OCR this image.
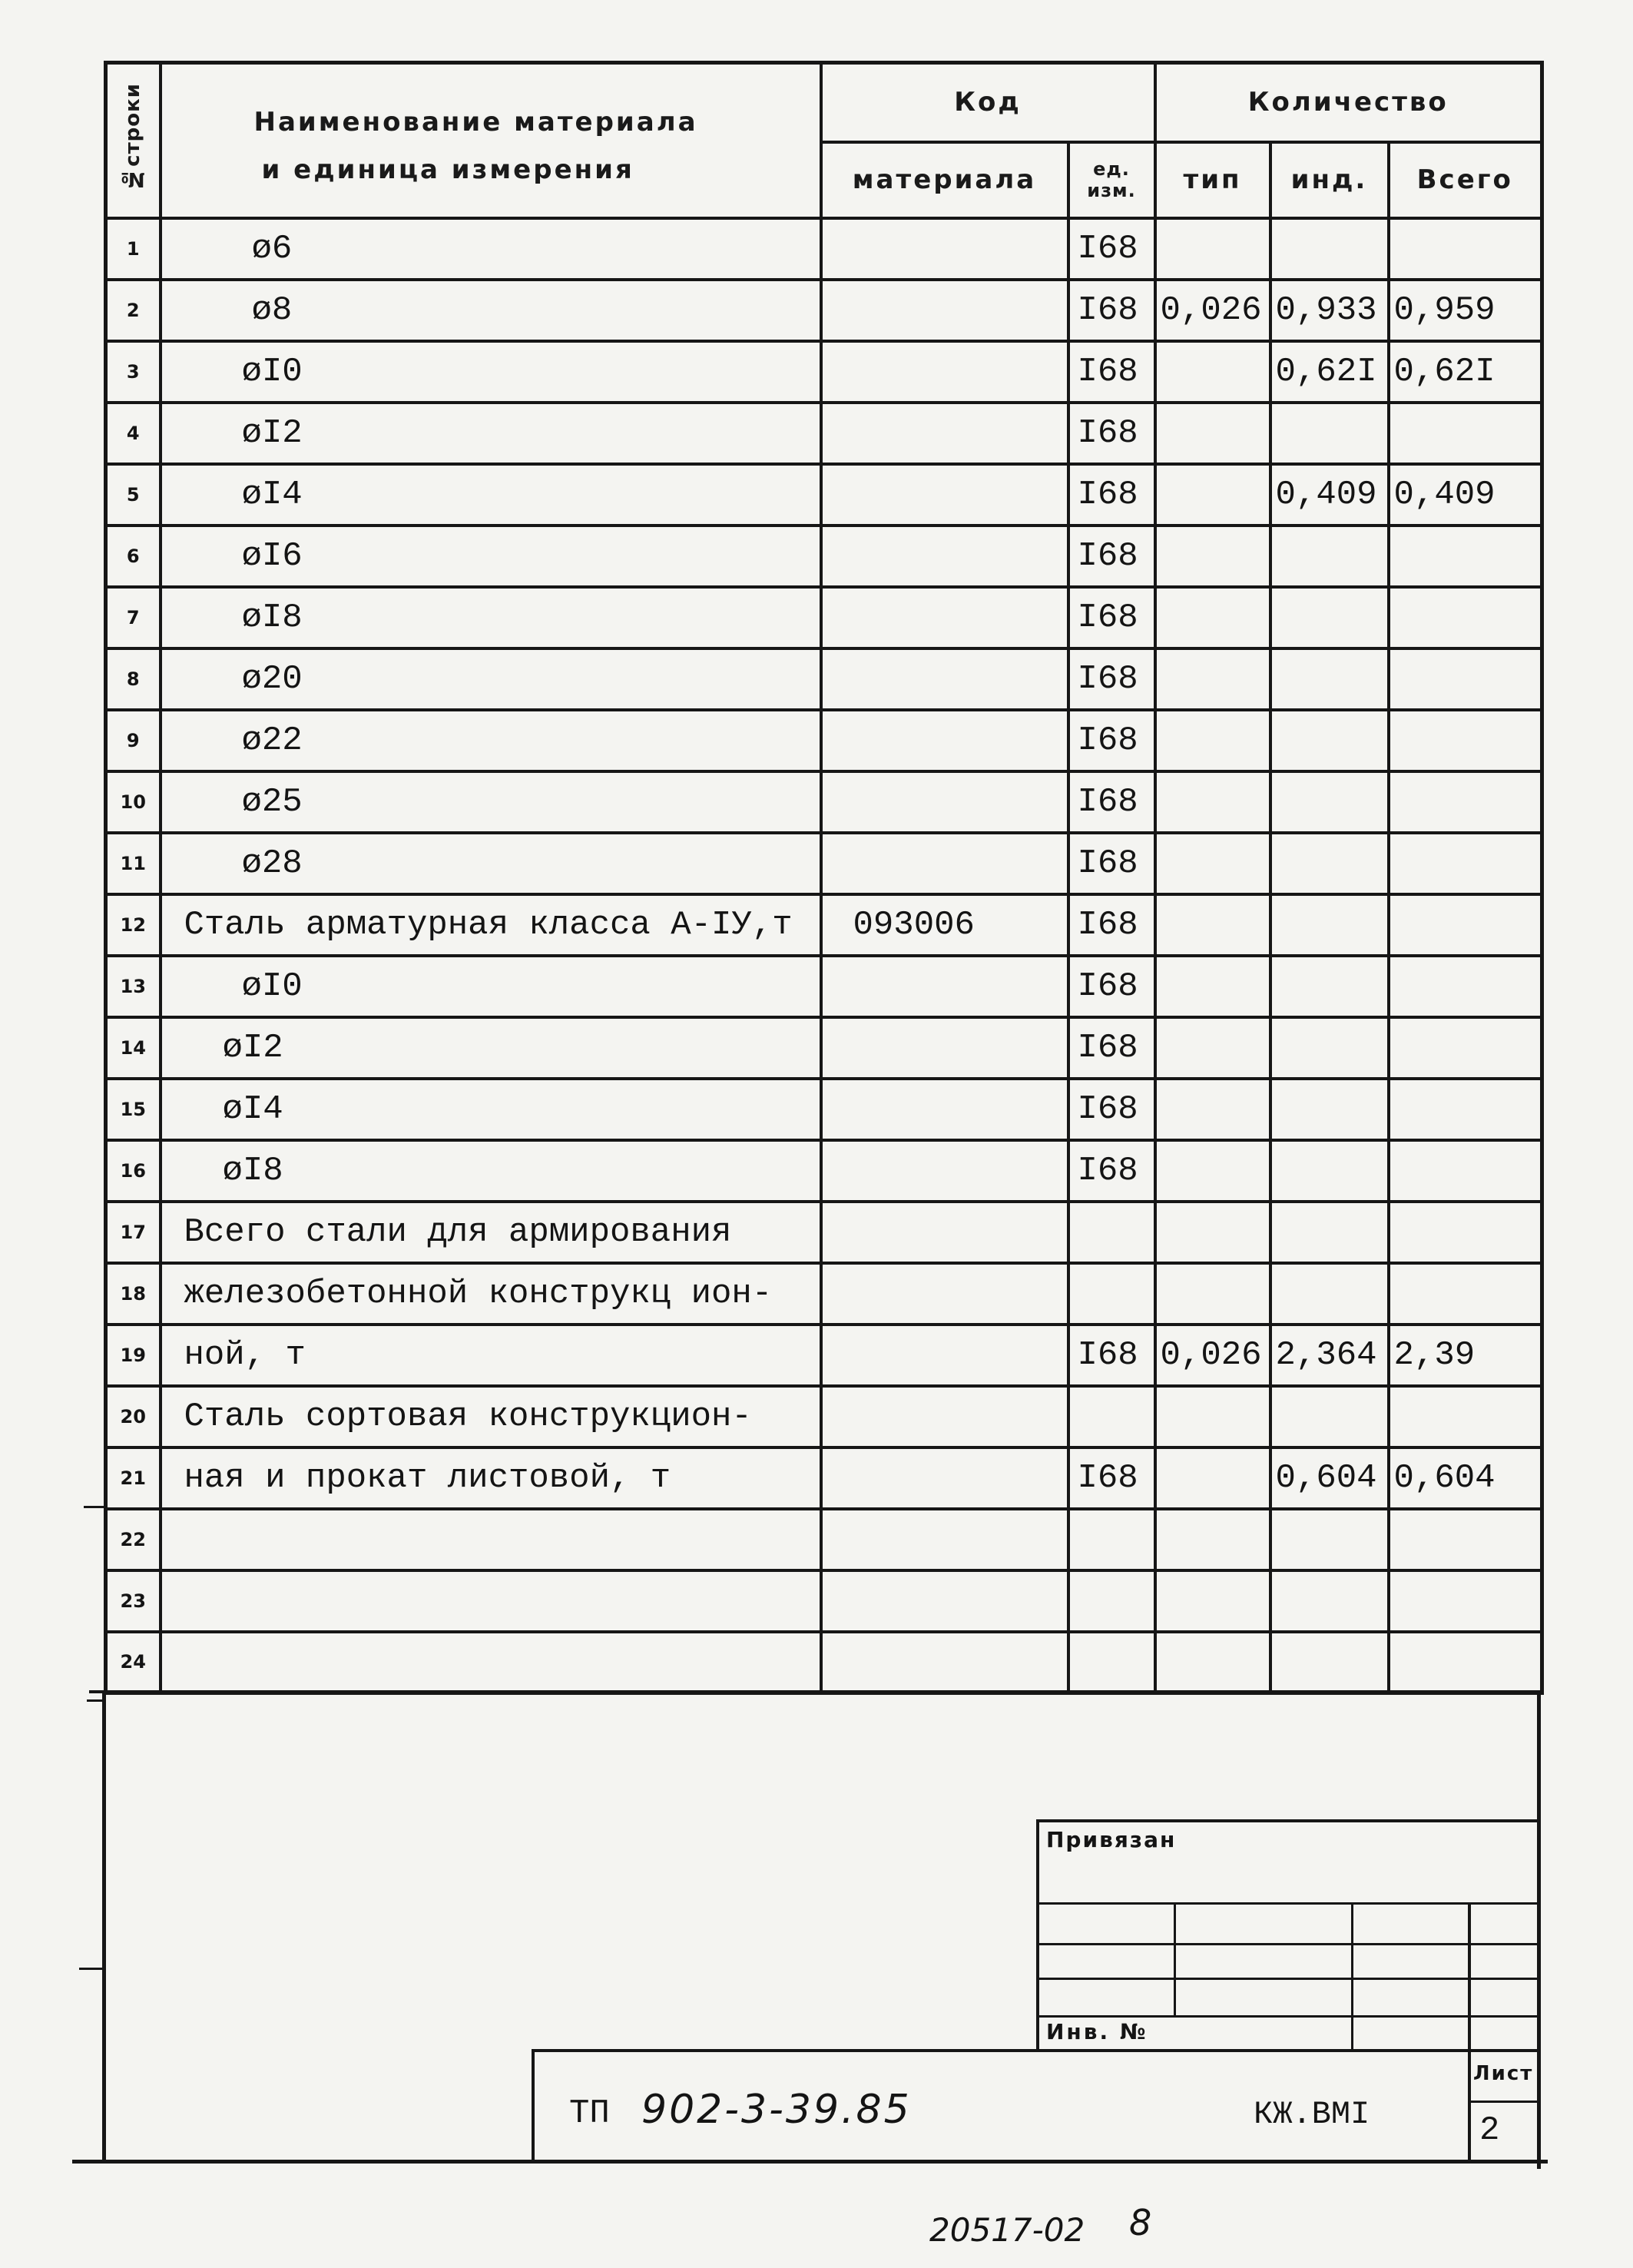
№строки	Наименование материала
и единица измерения	Код		Количество		
		материала	ед.
изм.	тип	инд.	Всего
1	ø6		I68			
2	ø8		I68	0,026	0,933	0,959
3	øI0		I68		0,62I	0,62I
4	øI2		I68			
5	øI4		I68		0,409	0,409
6	øI6		I68			
7	øI8		I68			
8	ø20		I68			
9	ø22		I68			
10	ø25		I68			
11	ø28		I68			
12	Сталь арматурная класса А-IУ,т	093006	I68			
13	øI0		I68			
14	øI2		I68			
15	øI4		I68			
16	øI8		I68			
17	Всего стали для армирования					
18	железобетонной конструкц ион-					
19	ной, т		I68	0,026	2,364	2,39
20	Сталь сортовая конструкцион-					
21	ная и прокат листовой, т		I68		0,604	0,604
22						
23						
24						
Привязан
Инв. №
ТП 902-3-39.85	КЖ.ВМI
Лист
2
20517-02 8
